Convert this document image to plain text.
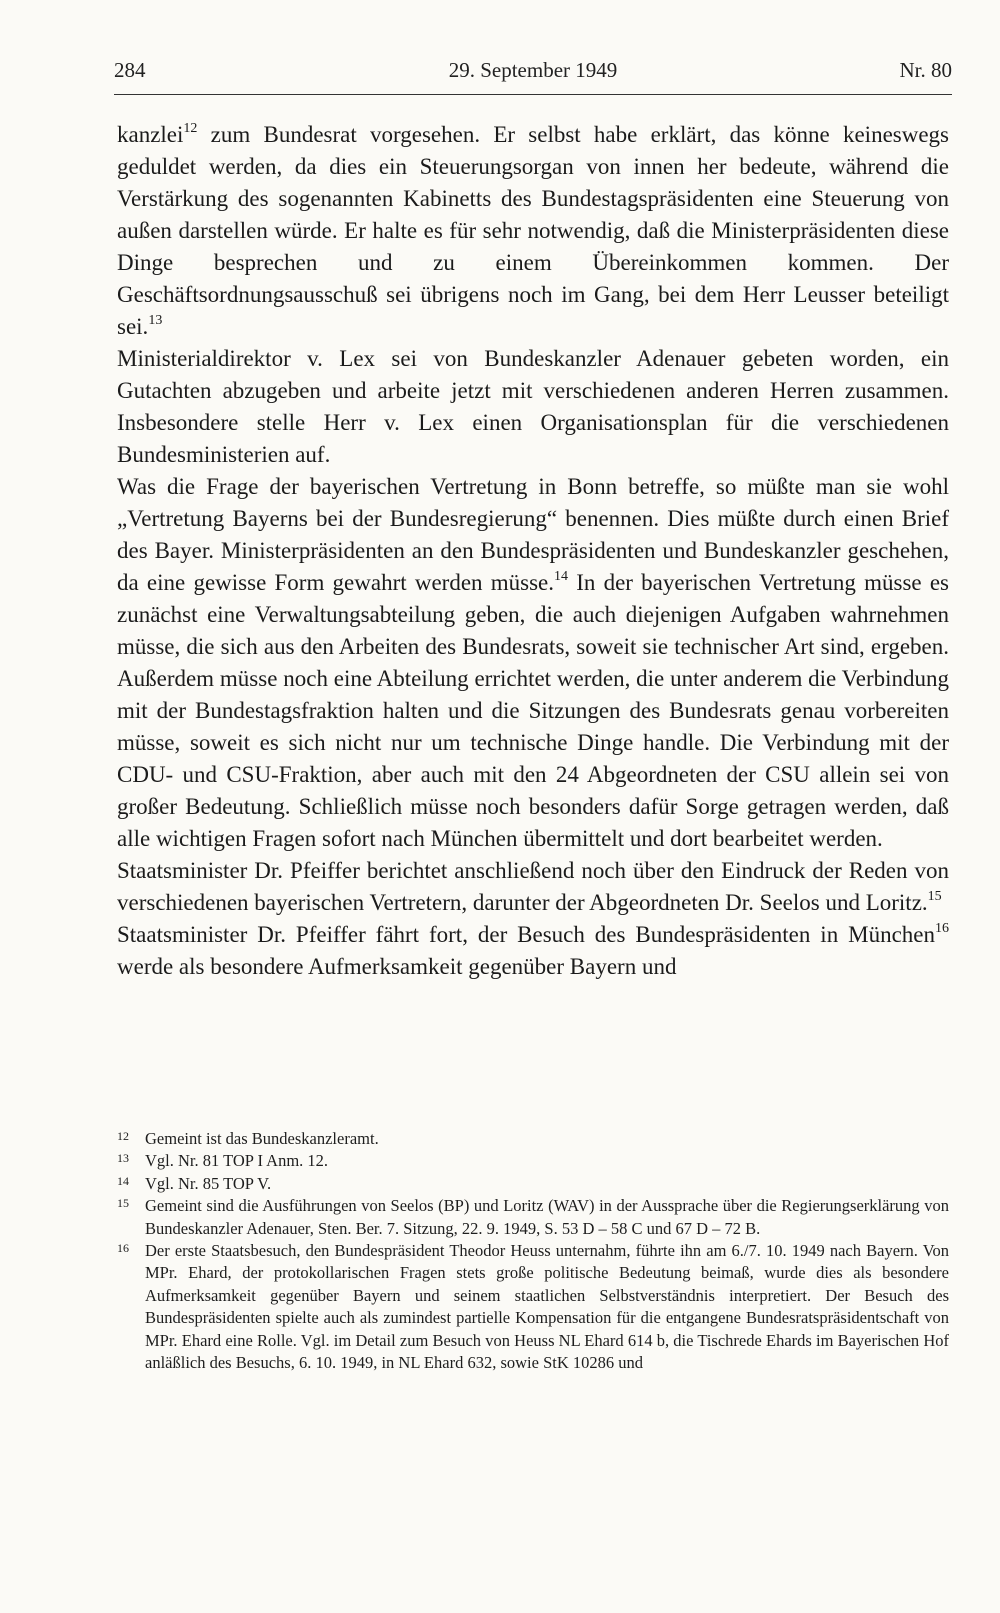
284	29. September 1949	Nr. 80

kanzlei$^{12}$ zum Bundesrat vorgesehen. Er selbst habe erklärt, das könne keineswegs geduldet werden, da dies ein Steuerungsorgan von innen her bedeute, während die Verstärkung des sogenannten Kabinetts des Bundestagspräsidenten eine Steuerung von außen darstellen würde. Er halte es für sehr notwendig, daß die Ministerpräsidenten diese Dinge besprechen und zu einem Übereinkommen kommen. Der Geschäftsordnungsausschuß sei übrigens noch im Gang, bei dem Herr Leusser beteiligt sei.$^{13}$

Ministerialdirektor v. Lex sei von Bundeskanzler Adenauer gebeten worden, ein Gutachten abzugeben und arbeite jetzt mit verschiedenen anderen Herren zusammen. Insbesondere stelle Herr v. Lex einen Organisationsplan für die verschiedenen Bundesministerien auf.

Was die Frage der bayerischen Vertretung in Bonn betreffe, so müßte man sie wohl „Vertretung Bayerns bei der Bundesregierung“ benennen. Dies müßte durch einen Brief des Bayer. Ministerpräsidenten an den Bundespräsidenten und Bundeskanzler geschehen, da eine gewisse Form gewahrt werden müsse.$^{14}$ In der bayerischen Vertretung müsse es zunächst eine Verwaltungsabteilung geben, die auch diejenigen Aufgaben wahrnehmen müsse, die sich aus den Arbeiten des Bundesrats, soweit sie technischer Art sind, ergeben. Außerdem müsse noch eine Abteilung errichtet werden, die unter anderem die Verbindung mit der Bundestagsfraktion halten und die Sitzungen des Bundesrats genau vorbereiten müsse, soweit es sich nicht nur um technische Dinge handle. Die Verbindung mit der CDU- und CSU-Fraktion, aber auch mit den 24 Abgeordneten der CSU allein sei von großer Bedeutung. Schließlich müsse noch besonders dafür Sorge getragen werden, daß alle wichtigen Fragen sofort nach München übermittelt und dort bearbeitet werden.

Staatsminister Dr. Pfeiffer berichtet anschließend noch über den Eindruck der Reden von verschiedenen bayerischen Vertretern, darunter der Abgeordneten Dr. Seelos und Loritz.$^{15}$

Staatsminister Dr. Pfeiffer fährt fort, der Besuch des Bundespräsidenten in München$^{16}$ werde als besondere Aufmerksamkeit gegenüber Bayern und

12 Gemeint ist das Bundeskanzleramt.
13 Vgl. Nr. 81 TOP I Anm. 12.
14 Vgl. Nr. 85 TOP V.
15 Gemeint sind die Ausführungen von Seelos (BP) und Loritz (WAV) in der Aussprache über die Regierungserklärung von Bundeskanzler Adenauer, Sten. Ber. 7. Sitzung, 22. 9. 1949, S. 53 D – 58 C und 67 D – 72 B.
16 Der erste Staatsbesuch, den Bundespräsident Theodor Heuss unternahm, führte ihn am 6./7. 10. 1949 nach Bayern. Von MPr. Ehard, der protokollarischen Fragen stets große politische Bedeutung beimaß, wurde dies als besondere Aufmerksamkeit gegenüber Bayern und seinem staatlichen Selbstverständnis interpretiert. Der Besuch des Bundespräsidenten spielte auch als zumindest partielle Kompensation für die entgangene Bundesratspräsidentschaft von MPr. Ehard eine Rolle. Vgl. im Detail zum Besuch von Heuss NL Ehard 614 b, die Tischrede Ehards im Bayerischen Hof anläßlich des Besuchs, 6. 10. 1949, in NL Ehard 632, sowie StK 10286 und
